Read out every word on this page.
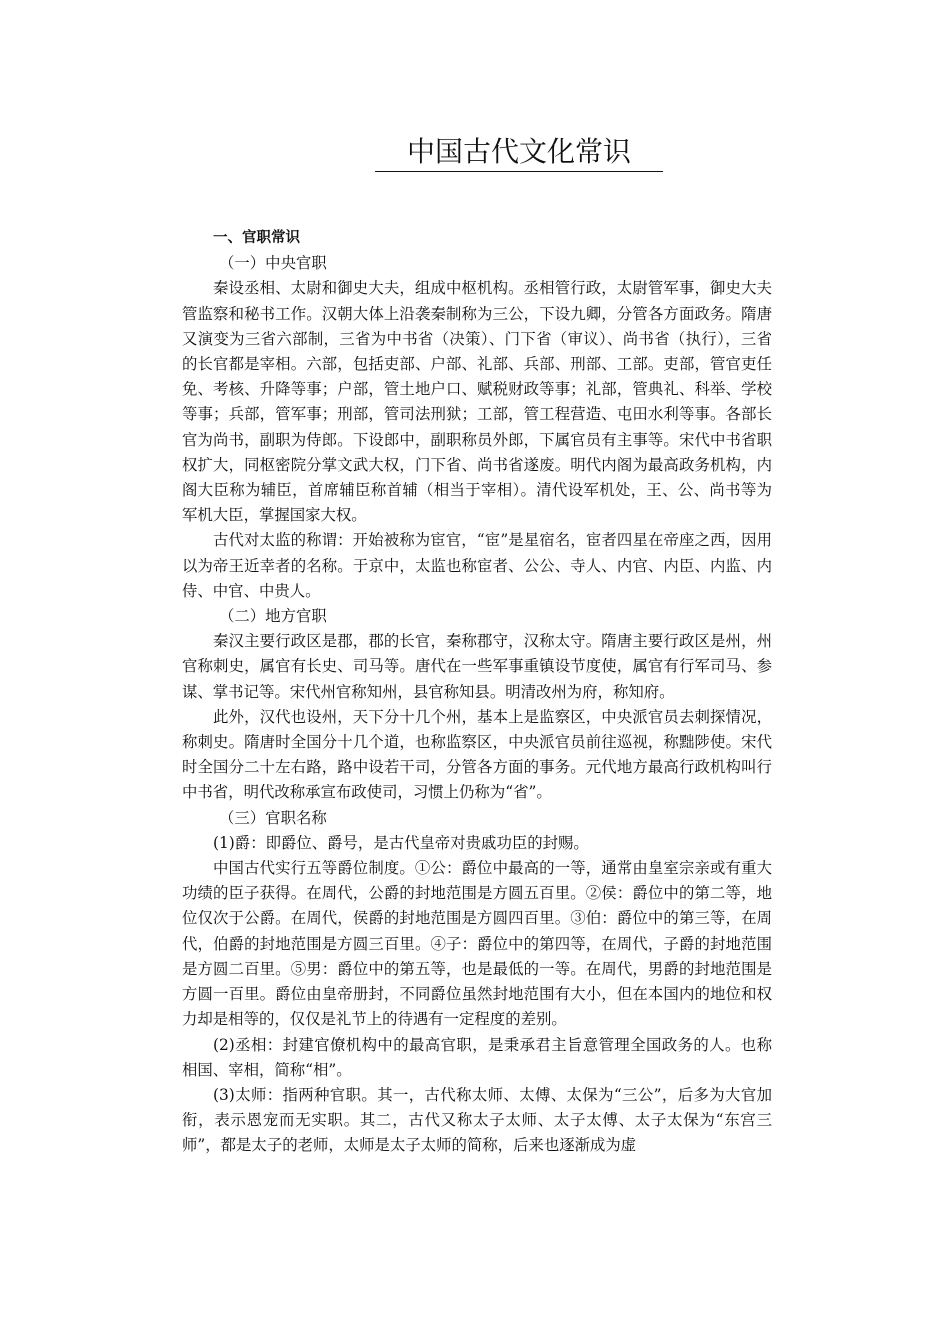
中国古代文化常识

一、官职常识

（一）中央官职

秦设丞相、太尉和御史大夫，组成中枢机构。丞相管行政，太尉管军事，御史大夫管监察和秘书工作。汉朝大体上沿袭秦制称为三公，下设九卿，分管各方面政务。隋唐又演变为三省六部制，三省为中书省（决策）、门下省（审议）、尚书省（执行），三省的长官都是宰相。六部，包括吏部、户部、礼部、兵部、刑部、工部。吏部，管官吏任免、考核、升降等事；户部，管土地户口、赋税财政等事；礼部，管典礼、科举、学校等事；兵部，管军事；刑部，管司法刑狱；工部，管工程营造、屯田水利等事。各部长官为尚书，副职为侍郎。下设郎中，副职称员外郎，下属官员有主事等。宋代中书省职权扩大，同枢密院分掌文武大权，门下省、尚书省遂废。明代内阁为最高政务机构，内阁大臣称为辅臣，首席辅臣称首辅（相当于宰相）。清代设军机处，王、公、尚书等为军机大臣，掌握国家大权。

古代对太监的称谓：开始被称为宦官，“宦”是星宿名，宦者四星在帝座之西，因用以为帝王近幸者的名称。于京中，太监也称宦者、公公、寺人、内官、内臣、内监、内侍、中官、中贵人。

（二）地方官职

秦汉主要行政区是郡，郡的长官，秦称郡守，汉称太守。隋唐主要行政区是州，州官称刺史，属官有长史、司马等。唐代在一些军事重镇设节度使，属官有行军司马、参谋、掌书记等。宋代州官称知州，县官称知县。明清改州为府，称知府。

此外，汉代也设州，天下分十几个州，基本上是监察区，中央派官员去刺探情况，称刺史。隋唐时全国分十几个道，也称监察区，中央派官员前往巡视，称黜陟使。宋代时全国分二十左右路，路中设若干司，分管各方面的事务。元代地方最高行政机构叫行中书省，明代改称承宣布政使司，习惯上仍称为“省”。

（三）官职名称

(1)爵：即爵位、爵号，是古代皇帝对贵戚功臣的封赐。

中国古代实行五等爵位制度。①公：爵位中最高的一等，通常由皇室宗亲或有重大功绩的臣子获得。在周代，公爵的封地范围是方圆五百里。②侯：爵位中的第二等，地位仅次于公爵。在周代，侯爵的封地范围是方圆四百里。③伯：爵位中的第三等，在周代，伯爵的封地范围是方圆三百里。④子：爵位中的第四等，在周代，子爵的封地范围是方圆二百里。⑤男：爵位中的第五等，也是最低的一等。在周代，男爵的封地范围是方圆一百里。爵位由皇帝册封，不同爵位虽然封地范围有大小，但在本国内的地位和权力却是相等的，仅仅是礼节上的待遇有一定程度的差别。

(2)丞相：封建官僚机构中的最高官职，是秉承君主旨意管理全国政务的人。也称相国、宰相，简称“相”。

(3)太师：指两种官职。其一，古代称太师、太傅、太保为“三公”，后多为大官加衔，表示恩宠而无实职。其二，古代又称太子太师、太子太傅、太子太保为“东宫三师”，都是太子的老师，太师是太子太师的简称，后来也逐渐成为虚
